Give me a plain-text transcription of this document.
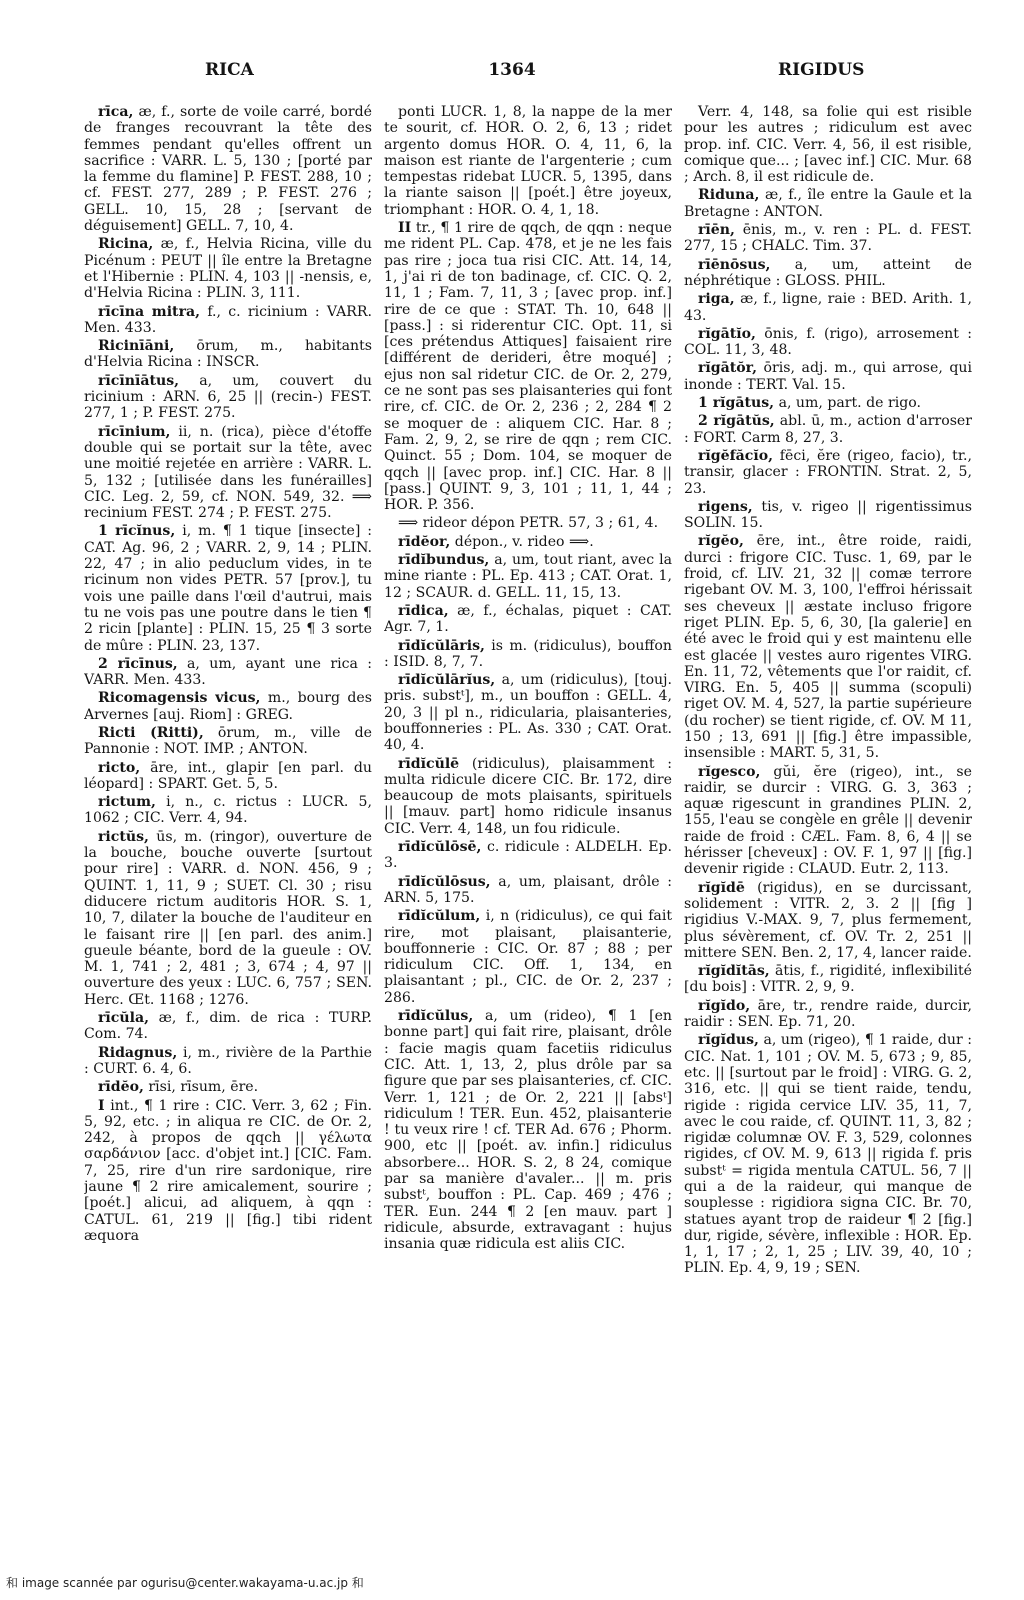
RICA	1364	RIGIDUS

rīca, æ, f., sorte de voile carré, bordé de franges recouvrant la tête des femmes pendant qu'elles offrent un sacrifice : VARR. L. 5, 130 ; [porté par la femme du flamine] P. FEST. 288, 10 ; cf. FEST. 277, 289 ; P. FEST. 276 ; GELL. 10, 15, 28 ; [servant de déguisement] GELL. 7, 10, 4.

Ricina, æ, f., Helvia Ricina, ville du Picénum : PEUT || île entre la Bretagne et l'Hibernie : PLIN. 4, 103 || -nensis, e, d'Helvia Ricina : PLIN. 3, 111.

rīcīna mitra, f., c. ricinium : VARR. Men. 433.

Ricinīāni, ōrum, m., habitants d'Helvia Ricina : INSCR.

rīcīnīātus, a, um, couvert du ricinium : ARN. 6, 25 || (recin-) FEST. 277, 1 ; P. FEST. 275.

rīcīnium, ii, n. (rica), pièce d'étoffe double qui se portait sur la tête, avec une moitié rejetée en arrière : VARR. L. 5, 132 ; [utilisée dans les funérailles] CIC. Leg. 2, 59, cf. NON. 549, 32. ⟹ recinium FEST. 274 ; P. FEST. 275.

1 rīcĭnus, i, m. ¶ 1 tique [insecte] : CAT. Ag. 96, 2 ; VARR. 2, 9, 14 ; PLIN. 22, 47 ; in alio peduclum vides, in te ricinum non vides PETR. 57 [prov.], tu vois une paille dans l'œil d'autrui, mais tu ne vois pas une poutre dans le tien ¶ 2 ricin [plante] : PLIN. 15, 25 ¶ 3 sorte de mûre : PLIN. 23, 137.

2 rīcīnus, a, um, ayant une rica : VARR. Men. 433.

Ricomagensis vicus, m., bourg des Arvernes [auj. Riom] : GREG.

Ricti (Ritti), ōrum, m., ville de Pannonie : NOT. IMP. ; ANTON.

ricto, āre, int., glapir [en parl. du léopard] : SPART. Get. 5, 5.

rictum, i, n., c. rictus : LUCR. 5, 1062 ; CIC. Verr. 4, 94.

rictŭs, ūs, m. (ringor), ouverture de la bouche, bouche ouverte [surtout pour rire] : VARR. d. NON. 456, 9 ; QUINT. 1, 11, 9 ; SUET. Cl. 30 ; risu diducere rictum auditoris HOR. S. 1, 10, 7, dilater la bouche de l'auditeur en le faisant rire || [en parl. des anim.] gueule béante, bord de la gueule : OV. M. 1, 741 ; 2, 481 ; 3, 674 ; 4, 97 || ouverture des yeux : LUC. 6, 757 ; SEN. Herc. Œt. 1168 ; 1276.

rīcŭla, æ, f., dim. de rica : TURP. Com. 74.

Ridagnus, i, m., rivière de la Parthie : CURT. 6. 4, 6.

rīdĕo, rīsi, rīsum, ēre.

I int., ¶ 1 rire : CIC. Verr. 3, 62 ; Fin. 5, 92, etc. ; in aliqua re CIC. de Or. 2, 242, à propos de qqch || γέλωτα σαρδάνιον [acc. d'objet int.] [CIC. Fam. 7, 25, rire d'un rire sardonique, rire jaune ¶ 2 rire amicalement, sourire ; [poét.] alicui, ad aliquem, à qqn : CATUL. 61, 219 || [fig.] tibi rident æquora

ponti LUCR. 1, 8, la nappe de la mer te sourit, cf. HOR. O. 2, 6, 13 ; ridet argento domus HOR. O. 4, 11, 6, la maison est riante de l'argenterie ; cum tempestas ridebat LUCR. 5, 1395, dans la riante saison || [poét.] être joyeux, triomphant : HOR. O. 4, 1, 18.

II tr., ¶ 1 rire de qqch, de qqn : neque me rident PL. Cap. 478, et je ne les fais pas rire ; joca tua risi CIC. Att. 14, 14, 1, j'ai ri de ton badinage, cf. CIC. Q. 2, 11, 1 ; Fam. 7, 11, 3 ; [avec prop. inf.] rire de ce que : STAT. Th. 10, 648 || [pass.] : si riderentur CIC. Opt. 11, si [ces prétendus Attiques] faisaient rire [différent de derideri, être moqué] ; ejus non sal ridetur CIC. de Or. 2, 279, ce ne sont pas ses plaisanteries qui font rire, cf. CIC. de Or. 2, 236 ; 2, 284 ¶ 2 se moquer de : aliquem CIC. Har. 8 ; Fam. 2, 9, 2, se rire de qqn ; rem CIC. Quinct. 55 ; Dom. 104, se moquer de qqch || [avec prop. inf.] CIC. Har. 8 || [pass.] QUINT. 9, 3, 101 ; 11, 1, 44 ; HOR. P. 356.

⟹ rideor dépon PETR. 57, 3 ; 61, 4.

rīdĕor, dépon., v. rideo ⟹.

rīdĭbundus, a, um, tout riant, avec la mine riante : PL. Ep. 413 ; CAT. Orat. 1, 12 ; SCAUR. d. GELL. 11, 15, 13.

rīdica, æ, f., échalas, piquet : CAT. Agr. 7, 1.

rīdĭcŭlāris, is m. (ridiculus), bouffon : ISID. 8, 7, 7.

rīdĭcŭlārĭus, a, um (ridiculus), [touj. pris. substᵗ], m., un bouffon : GELL. 4, 20, 3 || pl n., ridicularia, plaisanteries, bouffonneries : PL. As. 330 ; CAT. Orat. 40, 4.

rīdĭcŭlē (ridiculus), plaisamment : multa ridicule dicere CIC. Br. 172, dire beaucoup de mots plaisants, spirituels || [mauv. part] homo ridicule insanus CIC. Verr. 4, 148, un fou ridicule.

rīdĭcŭlōsē, c. ridicule : ALDELH. Ep. 3.

rīdĭcŭlōsus, a, um, plaisant, drôle : ARN. 5, 175.

rīdĭcŭlum, i, n (ridiculus), ce qui fait rire, mot plaisant, plaisanterie, bouffonnerie : CIC. Or. 87 ; 88 ; per ridiculum CIC. Off. 1, 134, en plaisantant ; pl., CIC. de Or. 2, 237 ; 286.

rīdĭcŭlus, a, um (rideo), ¶ 1 [en bonne part] qui fait rire, plaisant, drôle : facie magis quam facetiis ridiculus CIC. Att. 1, 13, 2, plus drôle par sa figure que par ses plaisanteries, cf. CIC. Verr. 1, 121 ; de Or. 2, 221 || [absᵗ] ridiculum ! TER. Eun. 452, plaisanterie ! tu veux rire ! cf. TER Ad. 676 ; Phorm. 900, etc || [poét. av. infin.] ridiculus absorbere... HOR. S. 2, 8 24, comique par sa manière d'avaler... || m. pris substᵗ, bouffon : PL. Cap. 469 ; 476 ; TER. Eun. 244 ¶ 2 [en mauv. part ] ridicule, absurde, extravagant : hujus insania quæ ridicula est aliis CIC.

Verr. 4, 148, sa folie qui est risible pour les autres ; ridiculum est avec prop. inf. CIC. Verr. 4, 56, il est risible, comique que... ; [avec inf.] CIC. Mur. 68 ; Arch. 8, il est ridicule de.

Riduna, æ, f., île entre la Gaule et la Bretagne : ANTON.

rīēn, ēnis, m., v. ren : PL. d. FEST. 277, 15 ; CHALC. Tim. 37.

rīēnōsus, a, um, atteint de néphrétique : GLOSS. PHIL.

riga, æ, f., ligne, raie : BED. Arith. 1, 43.

rĭgātĭo, ōnis, f. (rigo), arrosement : COL. 11, 3, 48.

rĭgātŏr, ōris, adj. m., qui arrose, qui inonde : TERT. Val. 15.

1 rĭgātus, a, um, part. de rigo.

2 rĭgātŭs, abl. ū, m., action d'arroser : FORT. Carm 8, 27, 3.

rĭgĕfăcĭo, fēci, ĕre (rigeo, facio), tr., transir, glacer : FRONTIN. Strat. 2, 5, 23.

rigens, tis, v. rigeo || rigentissimus SOLIN. 15.

rĭgĕo, ēre, int., être roide, raidi, durci : frigore CIC. Tusc. 1, 69, par le froid, cf. LIV. 21, 32 || comæ terrore rigebant OV. M. 3, 100, l'effroi hérissait ses cheveux || æstate incluso frigore riget PLIN. Ep. 5, 6, 30, [la galerie] en été avec le froid qui y est maintenu elle est glacée || vestes auro rigentes VIRG. En. 11, 72, vêtements que l'or raidit, cf. VIRG. En. 5, 405 || summa (scopuli) riget OV. M. 4, 527, la partie supérieure (du rocher) se tient rigide, cf. OV. M 11, 150 ; 13, 691 || [fig.] être impassible, insensible : MART. 5, 31, 5.

rĭgesco, gŭi, ĕre (rigeo), int., se raidir, se durcir : VIRG. G. 3, 363 ; aquæ rigescunt in grandines PLIN. 2, 155, l'eau se congèle en grêle || devenir raide de froid : CÆL. Fam. 8, 6, 4 || se hérisser [cheveux] : OV. F. 1, 97 || [fig.] devenir rigide : CLAUD. Eutr. 2, 113.

rĭgĭdē (rigidus), en se durcissant, solidement : VITR. 2, 3. 2 || [fig ] rigidius V.-MAX. 9, 7, plus fermement, plus sévèrement, cf. OV. Tr. 2, 251 || mittere SEN. Ben. 2, 17, 4, lancer raide.

rĭgĭdĭtās, ātis, f., rigidité, inflexibilité [du bois] : VITR. 2, 9, 9.

rĭgĭdo, āre, tr., rendre raide, durcir, raidir : SEN. Ep. 71, 20.

rĭgĭdus, a, um (rigeo), ¶ 1 raide, dur : CIC. Nat. 1, 101 ; OV. M. 5, 673 ; 9, 85, etc. || [surtout par le froid] : VIRG. G. 2, 316, etc. || qui se tient raide, tendu, rigide : rigida cervice LIV. 35, 11, 7, avec le cou raide, cf. QUINT. 11, 3, 82 ; rigidæ columnæ OV. F. 3, 529, colonnes rigides, cf OV. M. 9, 613 || rigida f. pris substᵗ = rigida mentula CATUL. 56, 7 || qui a de la raideur, qui manque de souplesse : rigidiora signa CIC. Br. 70, statues ayant trop de raideur ¶ 2 [fig.] dur, rigide, sévère, inflexible : HOR. Ep. 1, 1, 17 ; 2, 1, 25 ; LIV. 39, 40, 10 ; PLIN. Ep. 4, 9, 19 ; SEN.

和 image scannée par ogurisu@center.wakayama-u.ac.jp 和
